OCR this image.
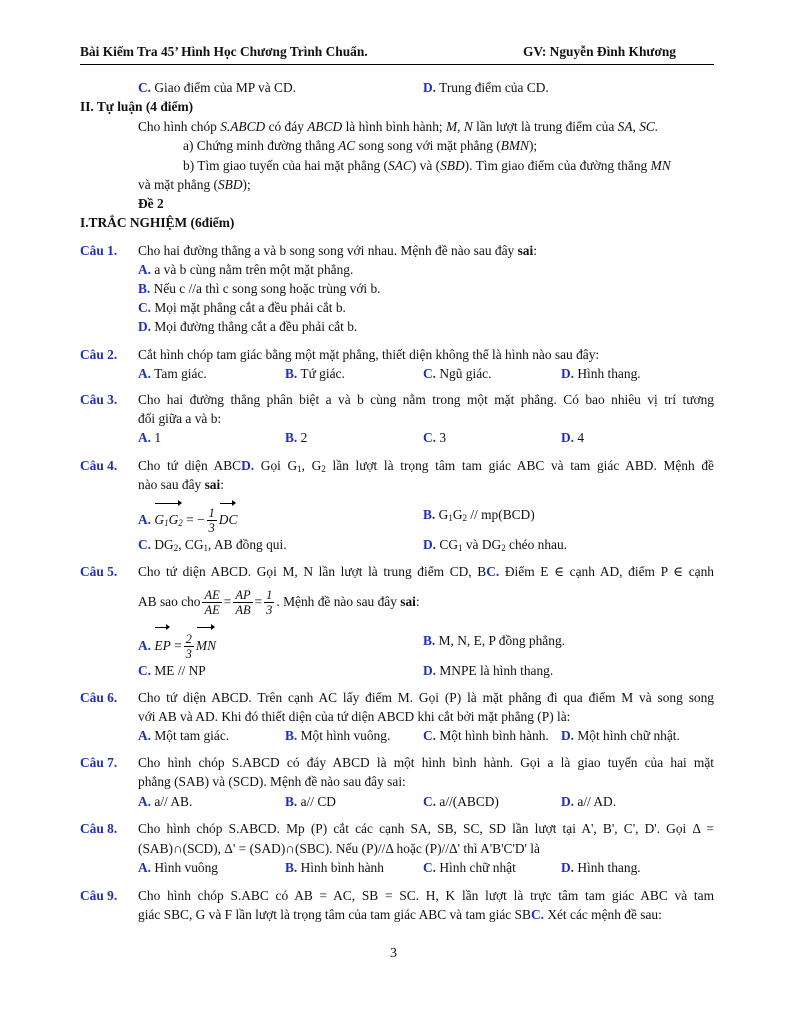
Bài Kiểm Tra 45’ Hình Học Chương Trình Chuẩn.	GV: Nguyễn Đình Khương
C. Giao điểm của MP và CD.	D. Trung điểm của CD.
II. Tự luận (4 điểm)
Cho hình chóp S.ABCD có đáy ABCD là hình bình hành; M, N lần lượt là trung điểm của SA, SC.
a) Chứng minh đường thẳng AC song song với mặt phẳng (BMN);
b) Tìm giao tuyến của hai mặt phẳng (SAC) và (SBD). Tìm giao điểm của đường thẳng MN
và mặt phẳng (SBD);
Đề 2
I.TRẮC NGHIỆM (6điểm)
Câu 1. Cho hai đường thẳng a và b song song với nhau. Mệnh đề nào sau đây sai:
A. a và b cùng nằm trên một mặt phẳng.
B. Nếu c //a thì c song song hoặc trùng với b.
C. Mọi mặt phẳng cắt a đều phải cắt b.
D. Mọi đường thẳng cắt a đều phải cắt b.
Câu 2. Cắt hình chóp tam giác bằng một mặt phẳng, thiết diện không thể là hình nào sau đây:
A. Tam giác.	B. Tứ giác.	C. Ngũ giác.	D. Hình thang.
Câu 3. Cho hai đường thẳng phân biệt a và b cùng nằm trong một mặt phẳng. Có bao nhiêu vị trí tương
đối giữa a và b:
A. 1	B. 2	C. 3	D. 4
Câu 4. Cho tứ diện ABCD. Gọi $G_1$, $G_2$ lần lượt là trọng tâm tam giác ABC và tam giác ABD. Mệnh đề
nào sau đây sai:
A. $G_1G_2$ = − $\frac{1}{3}$ DC	B. $G_1G_2 // mp(BCD)$
C. $DG_2$, $CG_1$, AB đồng qui.	D. $CG_1$ và $DG_2$ chéo nhau.
Câu 5. Cho tứ diện ABCD. Gọi M, N lần lượt là trung điểm CD, BC. Điểm E ∈ cạnh AD, điểm P ∈ cạnh
AB sao cho $\frac{AE}{AE} = \frac{AP}{AB} = \frac{1}{3}$ . Mệnh đề nào sau đây sai:
A. EP = $\frac{2}{3}$ MN	B. M, N, E, P đồng phẳng.
C. ME // NP	D. MNPE là hình thang.
Câu 6. Cho tứ diện ABCD. Trên cạnh AC lấy điểm M. Gọi (P) là mặt phẳng đi qua điểm M và song song
với AB và AD. Khi đó thiết diện của tứ diện ABCD khi cắt bởi mặt phẳng (P) là:
A. Một tam giác.	B. Một hình vuông. C. Một hình bình hành. D. Một hình chữ nhật.
Câu 7. Cho hình chóp S.ABCD có đáy ABCD là một hình bình hành. Gọi a là giao tuyến của hai mặt
phẳng (SAB) và (SCD). Mệnh đề nào sau đây sai:
A. a// AB.	B. a// CD	C. a//(ABCD)	D. a// AD.
Câu 8. Cho hình chóp S.ABCD. Mp (P) cắt các cạnh SA, SB, SC, SD lần lượt tại A', B', C', D'. Gọi Δ =
(SAB)∩(SCD), Δ' = (SAD)∩(SBC). Nếu (P)//Δ hoặc (P)//Δ' thì A'B'C'D' là
A. Hình vuông	B. Hình bình hành	C. Hình chữ nhật	D. Hình thang.
Câu 9. Cho hình chóp S.ABC có AB = AC, SB = SC. H, K lần lượt là trực tâm tam giác ABC và tam
giác SBC, G và F lần lượt là trọng tâm của tam giác ABC và tam giác SBC. Xét các mệnh đề sau:
3
